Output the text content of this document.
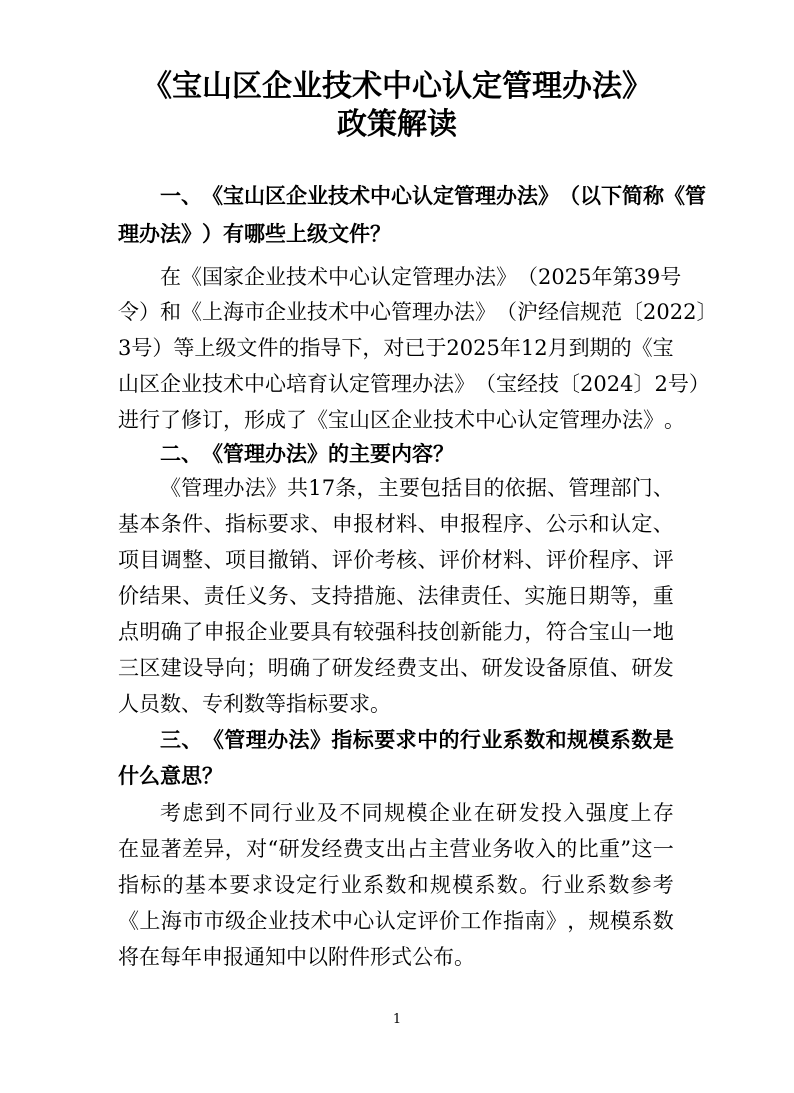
《宝山区企业技术中心认定管理办法》
政策解读
一 、 《 宝 山 区 企 业 技 术 中 心 认 定 管 理 办 法 》 （ 以 下 简 称 《 管
理 办 法 》 ） 有 哪 些 上 级 文 件 ？
在 《 国 家 企 业 技 术 中 心 认 定 管 理 办 法 》 （ 2 0 2 5 年 第 3 9 号
令 ） 和 《 上 海 市 企 业 技 术 中 心 管 理 办 法 》 （ 沪 经 信 规 范 〔 2 0 2 2 〕
3 号 ） 等 上 级 文 件 的 指 导 下 ， 对 已 于 2 0 2 5 年 1 2 月 到 期 的 《 宝
山 区 企 业 技 术 中 心 培 育 认 定 管 理 办 法 》 （ 宝 经 技 〔 2 0 2 4 〕 2 号 ）
进 行 了 修 订 ， 形 成 了 《 宝 山 区 企 业 技 术 中 心 认 定 管 理 办 法 》 。
二 、 《 管 理 办 法 》 的 主 要 内 容 ？
《 管 理 办 法 》 共 1 7 条 ， 主 要 包 括 目 的 依 据 、 管 理 部 门 、
基 本 条 件 、 指 标 要 求 、 申 报 材 料 、 申 报 程 序 、 公 示 和 认 定 、
项 目 调 整 、 项 目 撤 销 、 评 价 考 核 、 评 价 材 料 、 评 价 程 序 、 评
价 结 果 、 责 任 义 务 、 支 持 措 施 、 法 律 责 任 、 实 施 日 期 等 ， 重
点 明 确 了 申 报 企 业 要 具 有 较 强 科 技 创 新 能 力 ， 符 合 宝 山 一 地
三 区 建 设 导 向 ； 明 确 了 研 发 经 费 支 出 、 研 发 设 备 原 值 、 研 发
人 员 数 、 专 利 数 等 指 标 要 求 。
三 、 《 管 理 办 法 》 指 标 要 求 中 的 行 业 系 数 和 规 模 系 数 是
什 么 意 思 ？
考 虑 到 不 同 行 业 及 不 同 规 模 企 业 在 研 发 投 入 强 度 上 存
在 显 著 差 异 ， 对 “ 研 发 经 费 支 出 占 主 营 业 务 收 入 的 比 重 ” 这 一
指 标 的 基 本 要 求 设 定 行 业 系 数 和 规 模 系 数 。 行 业 系 数 参 考
《 上 海 市 市 级 企 业 技 术 中 心 认 定 评 价 工 作 指 南 》 ， 规 模 系 数
将 在 每 年 申 报 通 知 中 以 附 件 形 式 公 布 。
1
